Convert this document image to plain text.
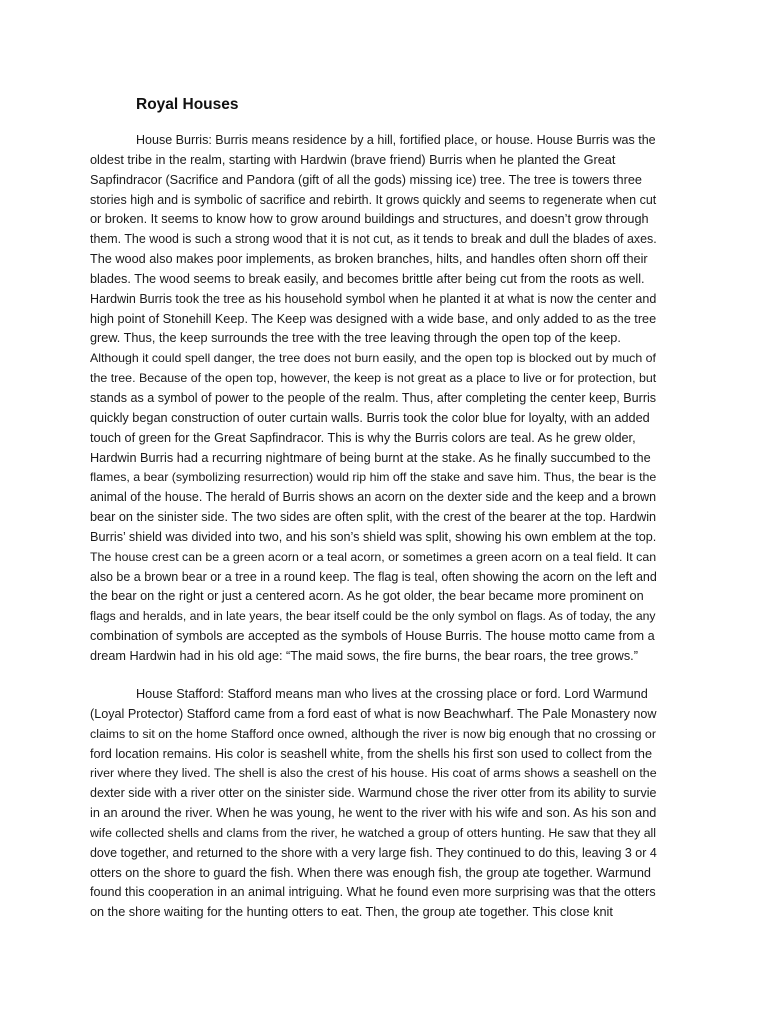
Royal Houses
House Burris: Burris means residence by a hill, fortified place, or house. House Burris was the
oldest tribe in the realm, starting with Hardwin (brave friend) Burris when he planted the Great
Sapfindracor (Sacrifice and Pandora (gift of all the gods) missing ice) tree. The tree is towers three
stories high and is symbolic of sacrifice and rebirth. It grows quickly and seems to regenerate when cut
or broken. It seems to know how to grow around buildings and structures, and doesn’t grow through
them. The wood is such a strong wood that it is not cut, as it tends to break and dull the blades of axes.
The wood also makes poor implements, as broken branches, hilts, and handles often shorn off their
blades. The wood seems to break easily, and becomes brittle after being cut from the roots as well.
Hardwin Burris took the tree as his household symbol when he planted it at what is now the center and
high point of Stonehill Keep. The Keep was designed with a wide base, and only added to as the tree
grew. Thus, the keep surrounds the tree with the tree leaving through the open top of the keep.
Although it could spell danger, the tree does not burn easily, and the open top is blocked out by much of
the tree. Because of the open top, however, the keep is not great as a place to live or for protection, but
stands as a symbol of power to the people of the realm. Thus, after completing the center keep, Burris
quickly began construction of outer curtain walls. Burris took the color blue for loyalty, with an added
touch of green for the Great Sapfindracor. This is why the Burris colors are teal. As he grew older,
Hardwin Burris had a recurring nightmare of being burnt at the stake. As he finally succumbed to the
flames, a bear (symbolizing resurrection) would rip him off the stake and save him. Thus, the bear is the
animal of the house. The herald of Burris shows an acorn on the dexter side and the keep and a brown
bear on the sinister side. The two sides are often split, with the crest of the bearer at the top. Hardwin
Burris’ shield was divided into two, and his son’s shield was split, showing his own emblem at the top.
The house crest can be a green acorn or a teal acorn, or sometimes a green acorn on a teal field. It can
also be a brown bear or a tree in a round keep. The flag is teal, often showing the acorn on the left and
the bear on the right or just a centered acorn. As he got older, the bear became more prominent on
flags and heralds, and in late years, the bear itself could be the only symbol on flags. As of today, the any
combination of symbols are accepted as the symbols of House Burris. The house motto came from a
dream Hardwin had in his old age: “The maid sows, the fire burns, the bear roars, the tree grows.”
House Stafford: Stafford means man who lives at the crossing place or ford. Lord Warmund
(Loyal Protector) Stafford came from a ford east of what is now Beachwharf. The Pale Monastery now
claims to sit on the home Stafford once owned, although the river is now big enough that no crossing or
ford location remains. His color is seashell white, from the shells his first son used to collect from the
river where they lived. The shell is also the crest of his house. His coat of arms shows a seashell on the
dexter side with a river otter on the sinister side. Warmund chose the river otter from its ability to survie
in an around the river. When he was young, he went to the river with his wife and son. As his son and
wife collected shells and clams from the river, he watched a group of otters hunting. He saw that they all
dove together, and returned to the shore with a very large fish. They continued to do this, leaving 3 or 4
otters on the shore to guard the fish. When there was enough fish, the group ate together. Warmund
found this cooperation in an animal intriguing. What he found even more surprising was that the otters
on the shore waiting for the hunting otters to eat. Then, the group ate together. This close knit
